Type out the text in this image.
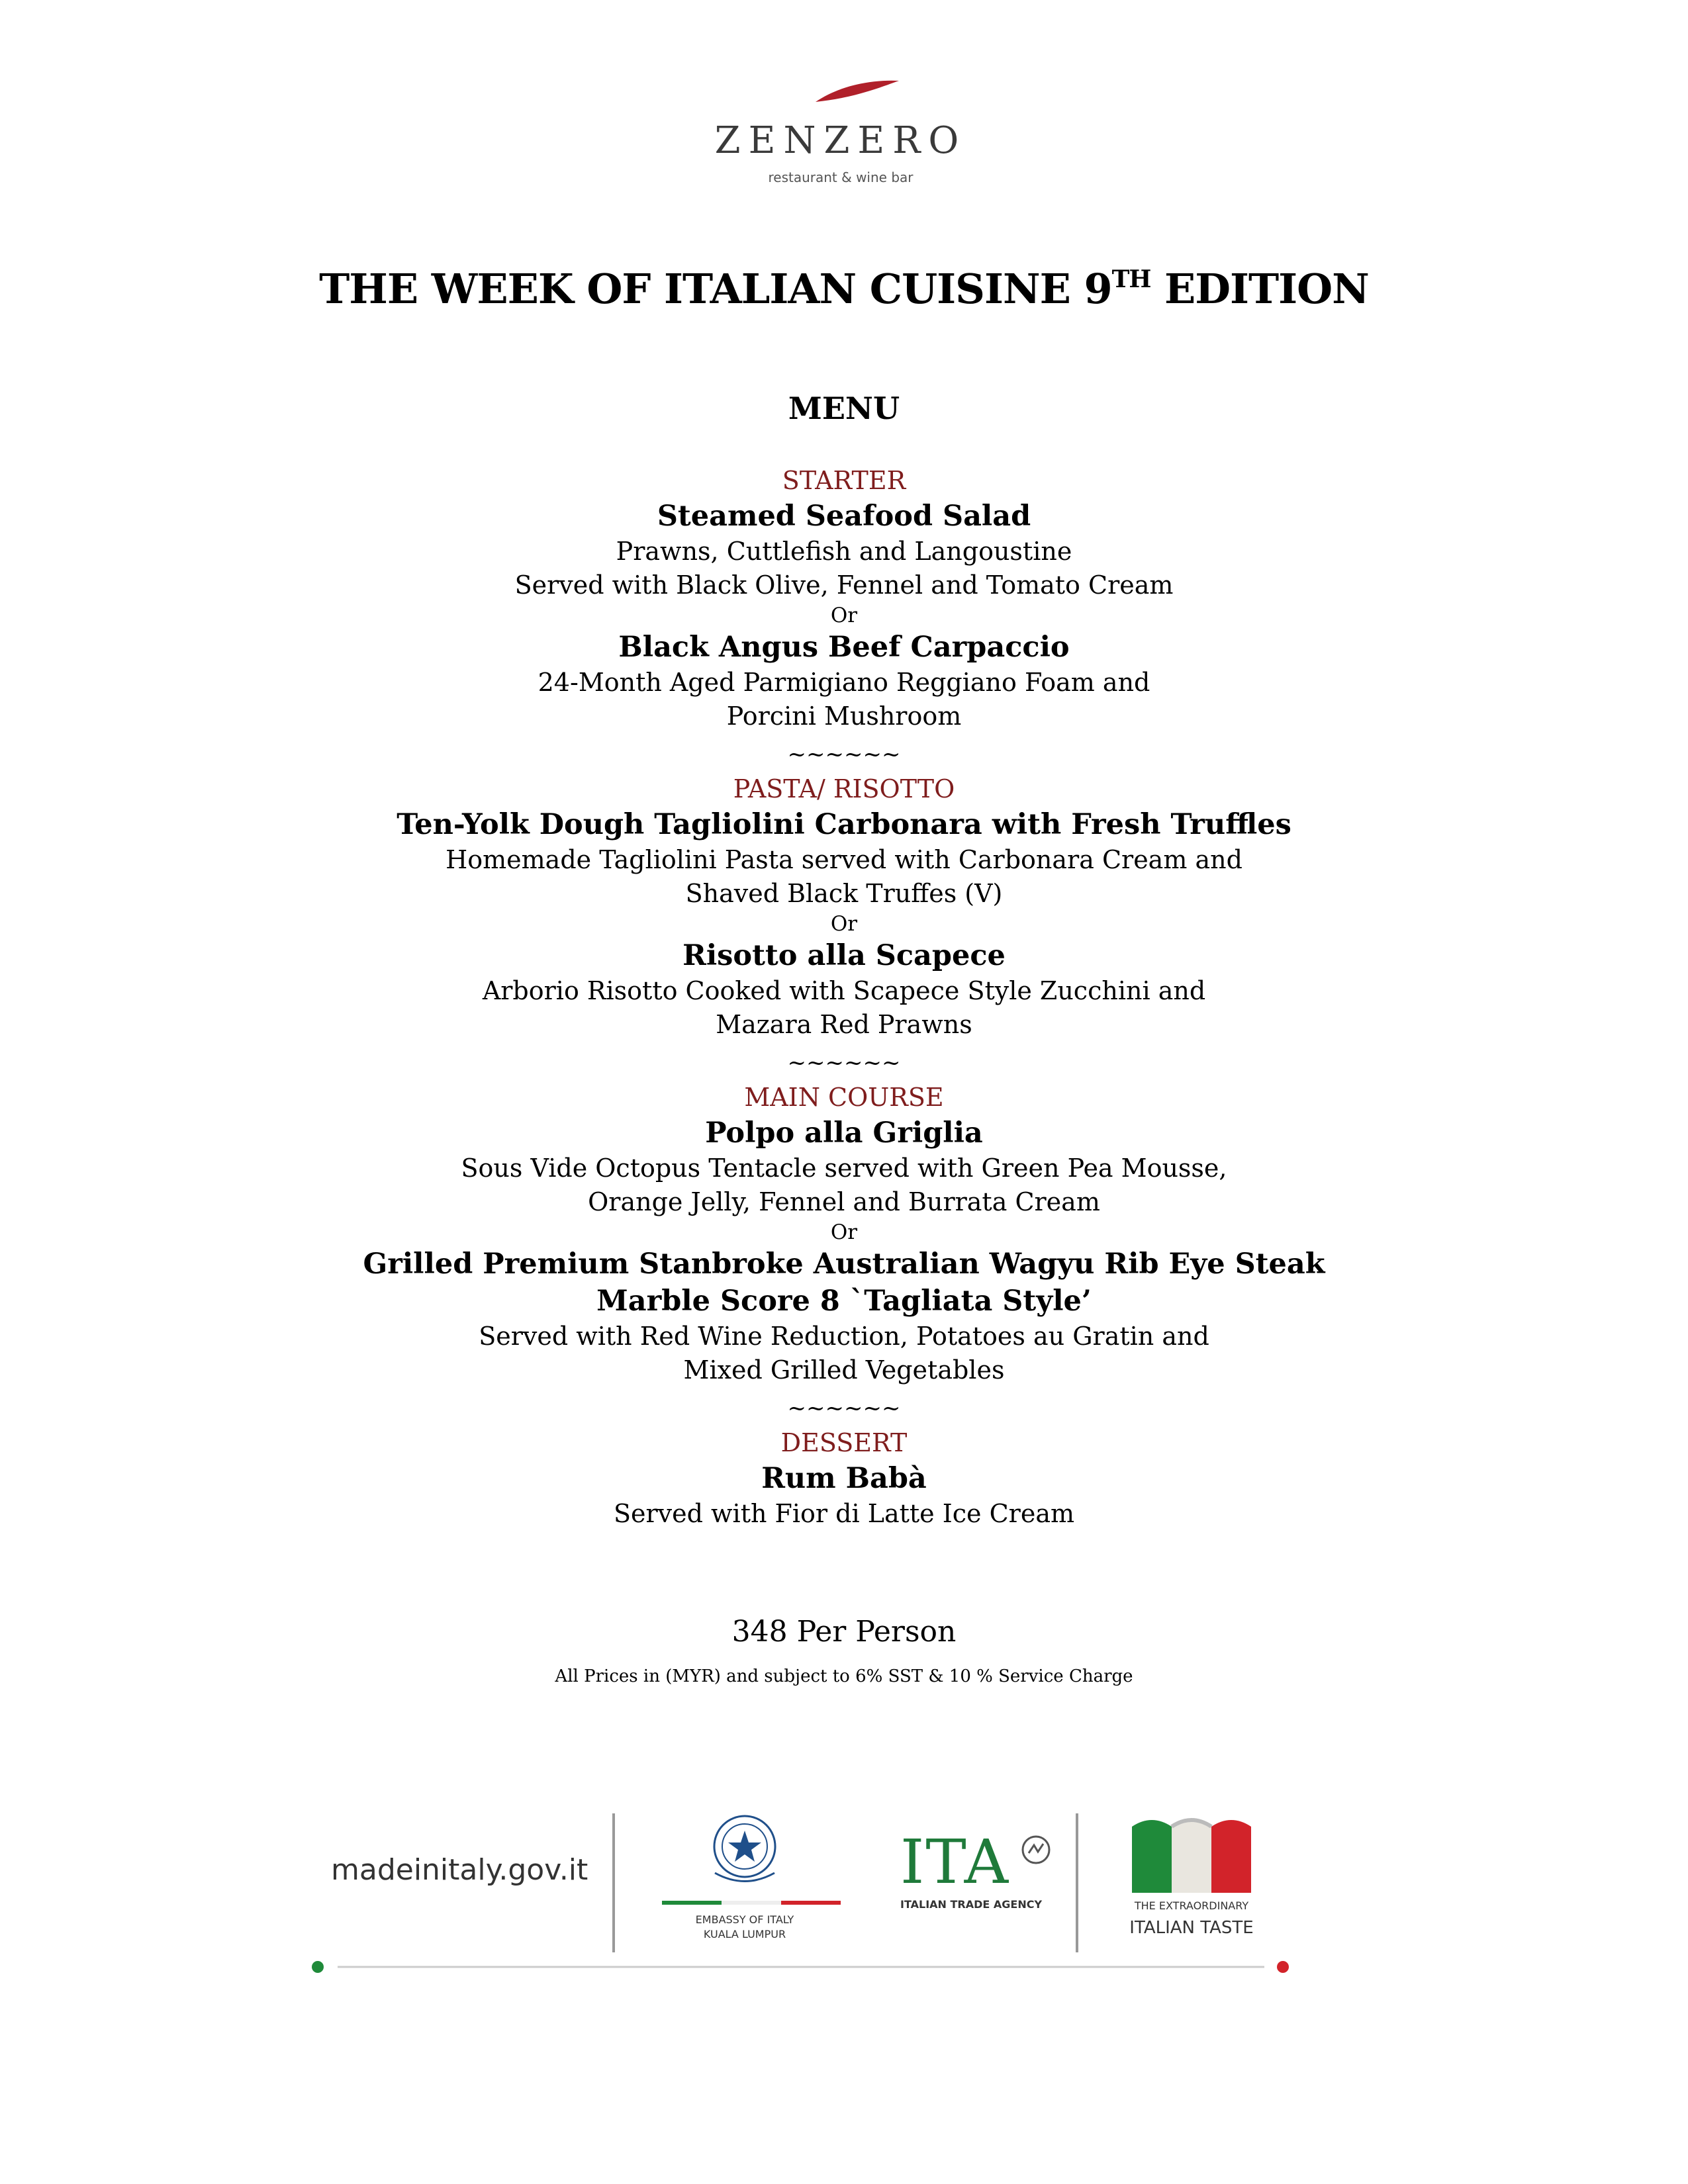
ZENZERO
restaurant & wine bar
THE WEEK OF ITALIAN CUISINE 9TH EDITION
MENU
STARTER
Steamed Seafood Salad
Prawns, Cuttlefish and Langoustine
Served with Black Olive, Fennel and Tomato Cream
Or
Black Angus Beef Carpaccio
24-Month Aged Parmigiano Reggiano Foam and
Porcini Mushroom
~~~~~~
PASTA/ RISOTTO
Ten-Yolk Dough Tagliolini Carbonara with Fresh Truffles
Homemade Tagliolini Pasta served with Carbonara Cream and
Shaved Black Truffes (V)
Or
Risotto alla Scapece
Arborio Risotto Cooked with Scapece Style Zucchini and
Mazara Red Prawns
~~~~~~
MAIN COURSE
Polpo alla Griglia
Sous Vide Octopus Tentacle served with Green Pea Mousse,
Orange Jelly, Fennel and Burrata Cream
Or
Grilled Premium Stanbroke Australian Wagyu Rib Eye Steak
Marble Score 8 `Tagliata Style’
Served with Red Wine Reduction, Potatoes au Gratin and
Mixed Grilled Vegetables
~~~~~~
DESSERT
Rum Babà
Served with Fior di Latte Ice Cream
348 Per Person
All Prices in (MYR) and subject to 6% SST & 10 % Service Charge
madeinitaly.gov.it
EMBASSY OF ITALY
KUALA LUMPUR
ITA
ITALIAN TRADE AGENCY	THE EXTRAORDINARY
ITALIAN TASTE
